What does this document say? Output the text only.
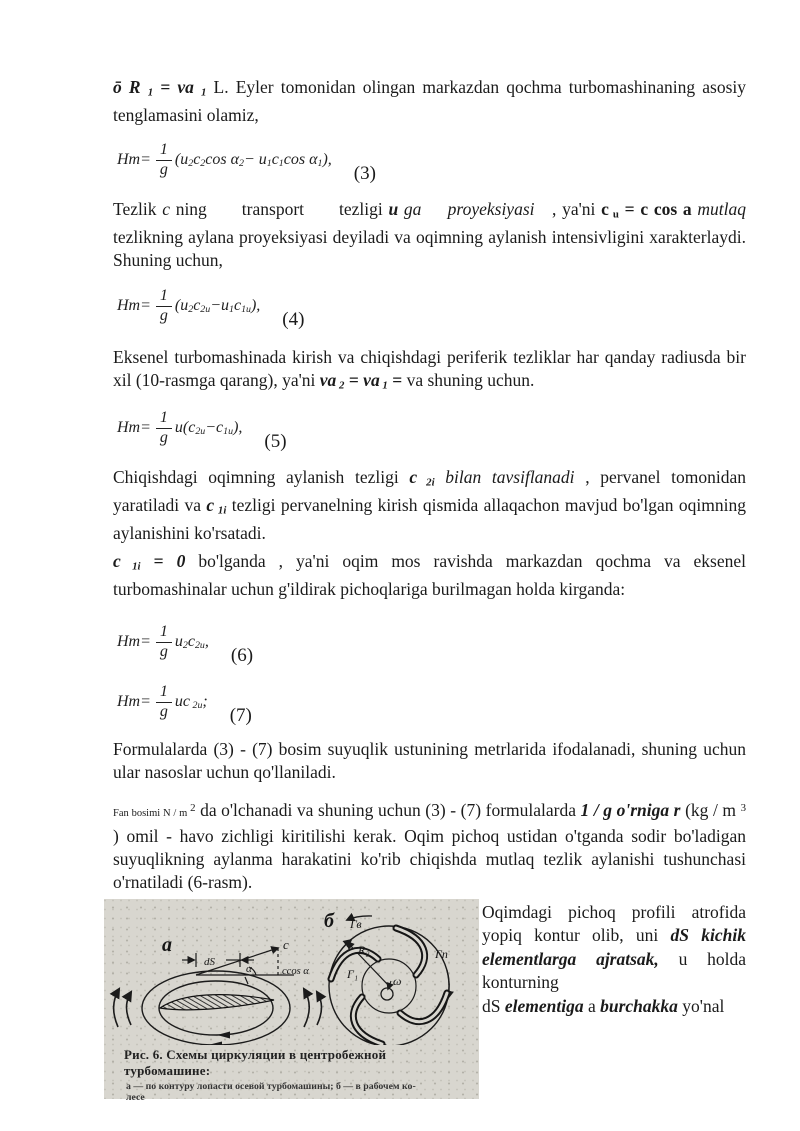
ō R 1 = va 1 L. Eyler tomonidan olingan markazdan qochma turbomashinaning asosiy tenglamasini olamiz,

$Hm= \frac{1}{g} (u2c2\cos$ α2− u1c1cos α1),
(3)

Tezlik c ning  transport  tezligi u ga   proyeksiyasi , ya'ni c u = c cos a mutlaq tezlikning aylana proyeksiyasi deyiladi va oqimning aylanish intensivligini xarakterlaydi. Shuning uchun,

$Hm= \frac{1}{g} (u2c2u-u1c1u)$,
(4)

Eksenel turbomashinada kirish va chiqishdagi periferik tezliklar har qanday radiusda bir xil (10-rasmga qarang), ya'ni va 2 = va 1 = va shuning uchun.

$Hm= \frac{1}{g} u(c2u-c1u)$,
(5)

Chiqishdagi oqimning aylanish tezligi c 2i bilan tavsiflanadi , pervanel tomonidan yaratiladi va c 1i tezligi pervanelning kirish qismida allaqachon mavjud bo'lgan oqimning aylanishini ko'rsatadi.

c 1i = 0 bo'lganda , ya'ni oqim mos ravishda markazdan qochma va eksenel turbomashinalar uchun g'ildirak pichoqlariga burilmagan holda kirganda:

$Hm= \frac{1}{g} u2c2u$,
(6)
$Hm= \frac{1}{g}$ uc 2u;
(7)

Formulalarda (3) - (7) bosim suyuqlik ustunining metrlarida ifodalanadi, shuning uchun ular nasoslar uchun qo'llaniladi.

Fan bosimi N / m $^2$ da o'lchanadi va shuning uchun (3) - (7) formulalarda 1 / g o'rniga r (kg / m $^3$ ) omil - havo zichligi kiritilishi kerak. Oqim pichoq ustidan o'tganda sodir bo'ladigan suyuqlikning aylanma harakatini ko'rib chiqishda mutlaq tezlik aylanishi tushunchasi o'rnatiladi (6-rasm).

а
dS
c
α	ccos α
б Гв
R₂	Гп
Г₁	ω

Рис. 6. Схемы циркуляции в центробежной турбомашине:

а — по контуру лопасти осевой турбомашины; б — в рабочем ко-

лесе

Oqimdagi pichoq profili atrofida yopiq kontur olib, uni dS kichik elementlarga ajratsak, u holda konturning
dS elementiga a burchakka yo'nal
